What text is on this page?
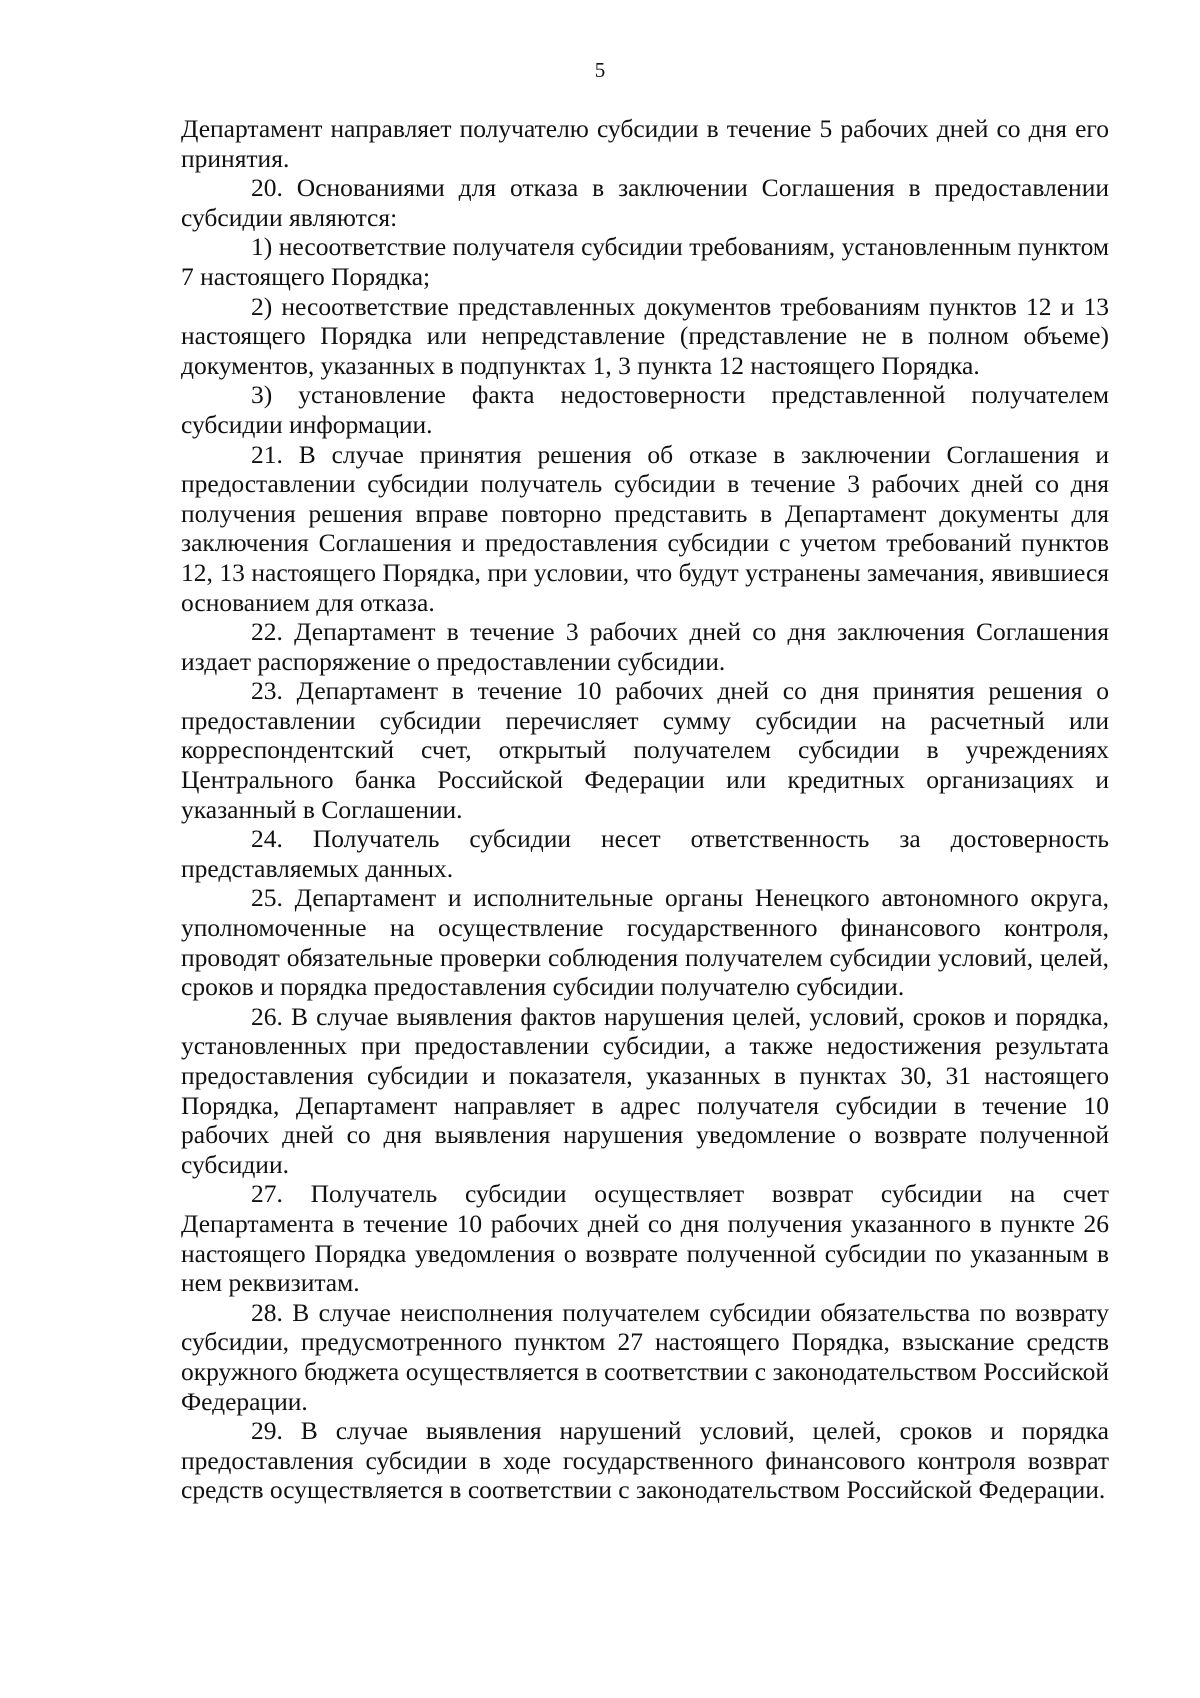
5

Департамент направляет получателю субсидии в течение 5 рабочих дней со дня его принятия.

20. Основаниями для отказа в заключении Соглашения в предоставлении субсидии являются:

1) несоответствие получателя субсидии требованиям, установленным пунктом 7 настоящего Порядка;

2) несоответствие представленных документов требованиям пунктов 12 и 13 настоящего Порядка или непредставление (представление не в полном объеме) документов, указанных в подпунктах 1, 3 пункта 12 настоящего Порядка.

3) установление факта недостоверности представленной получателем субсидии информации.

21. В случае принятия решения об отказе в заключении Соглашения и предоставлении субсидии получатель субсидии в течение 3 рабочих дней со дня получения решения вправе повторно представить в Департамент документы для заключения Соглашения и предоставления субсидии с учетом требований пунктов 12, 13 настоящего Порядка, при условии, что будут устранены замечания, явившиеся основанием для отказа.

22. Департамент в течение 3 рабочих дней со дня заключения Соглашения издает распоряжение о предоставлении субсидии.

23. Департамент в течение 10 рабочих дней со дня принятия решения о предоставлении субсидии перечисляет сумму субсидии на расчетный или корреспондентский счет, открытый получателем субсидии в учреждениях Центрального банка Российской Федерации или кредитных организациях и указанный в Соглашении.

24. Получатель субсидии несет ответственность за достоверность представляемых данных.

25. Департамент и исполнительные органы Ненецкого автономного округа, уполномоченные на осуществление государственного финансового контроля, проводят обязательные проверки соблюдения получателем субсидии условий, целей, сроков и порядка предоставления субсидии получателю субсидии.

26. В случае выявления фактов нарушения целей, условий, сроков и порядка, установленных при предоставлении субсидии, а также недостижения результата предоставления субсидии и показателя, указанных в пунктах 30, 31 настоящего Порядка, Департамент направляет в адрес получателя субсидии в течение 10 рабочих дней со дня выявления нарушения уведомление о возврате полученной субсидии.

27. Получатель субсидии осуществляет возврат субсидии на счет Департамента в течение 10 рабочих дней со дня получения указанного в пункте 26 настоящего Порядка уведомления о возврате полученной субсидии по указанным в нем реквизитам.

28. В случае неисполнения получателем субсидии обязательства по возврату субсидии, предусмотренного пунктом 27 настоящего Порядка, взыскание средств окружного бюджета осуществляется в соответствии с законодательством Российской Федерации.

29. В случае выявления нарушений условий, целей, сроков и порядка предоставления субсидии в ходе государственного финансового контроля возврат средств осуществляется в соответствии с законодательством Российской Федерации.
